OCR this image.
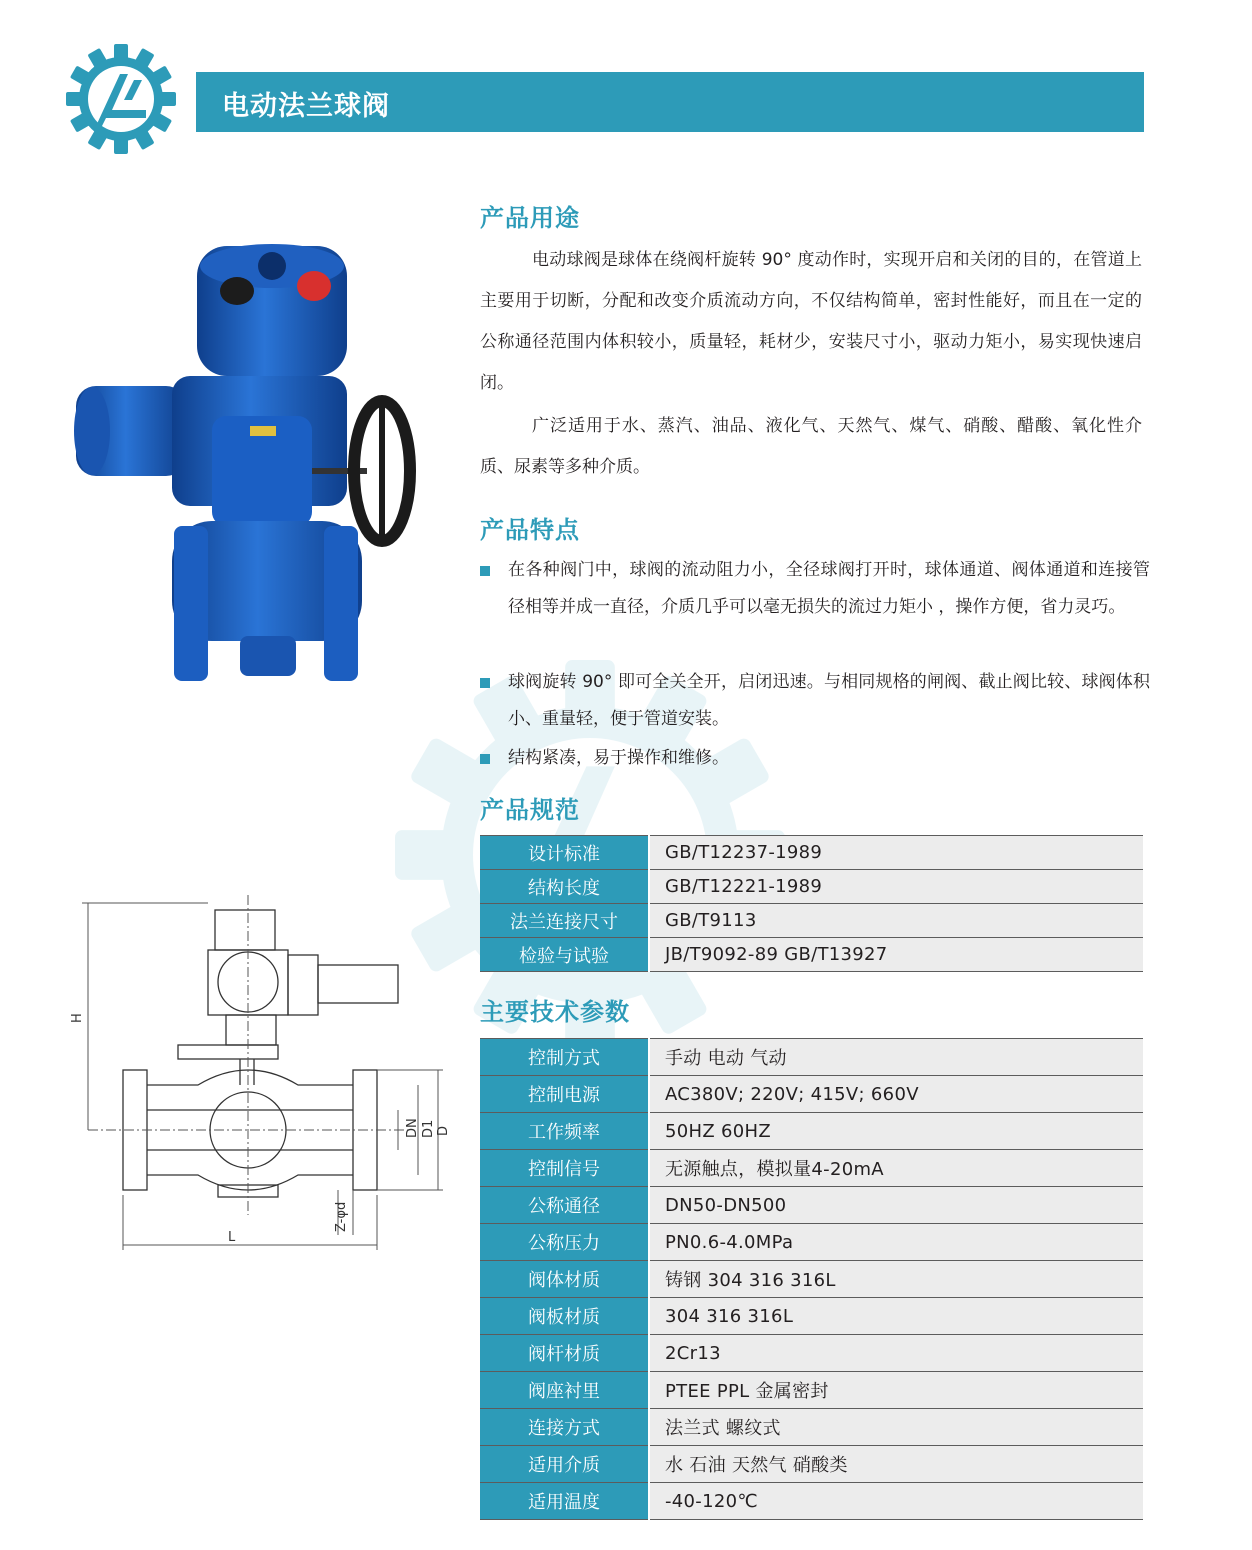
电动法兰球阀
H
L
DN D1 D
Z-φd
产品用途
电动球阀是球体在绕阀杆旋转 90° 度动作时，实现开启和关闭的目的，在管道上主要用于切断，分配和改变介质流动方向，不仅结构简单，密封性能好，而且在一定的公称通径范围内体积较小，质量轻，耗材少，安装尺寸小，驱动力矩小，易实现快速启闭。
广泛适用于水、蒸汽、油品、液化气、天然气、煤气、硝酸、醋酸、氧化性介质、尿素等多种介质。
产品特点
在各种阀门中，球阀的流动阻力小，全径球阀打开时，球体通道、阀体通道和连接管径相等并成一直径，介质几乎可以毫无损失的流过力矩小 ，操作方便，省力灵巧。
球阀旋转 90° 即可全关全开，启闭迅速。与相同规格的闸阀、截止阀比较、球阀体积小、重量轻，便于管道安装。
结构紧凑，易于操作和维修。
产品规范
设计标准	GB/T12237-1989
结构长度	GB/T12221-1989
法兰连接尺寸	GB/T9113
检验与试验	JB/T9092-89 GB/T13927
主要技术参数
控制方式	手动 电动 气动
控制电源	AC380V; 220V; 415V; 660V
工作频率	50HZ 60HZ
控制信号	无源触点，模拟量4-20mA
公称通径	DN50-DN500
公称压力	PN0.6-4.0MPa
阀体材质	铸钢 304 316 316L
阀板材质	304 316 316L
阀杆材质	2Cr13
阀座衬里	PTEE PPL 金属密封
连接方式	法兰式 螺纹式
适用介质	水 石油 天然气 硝酸类
适用温度	-40-120℃
